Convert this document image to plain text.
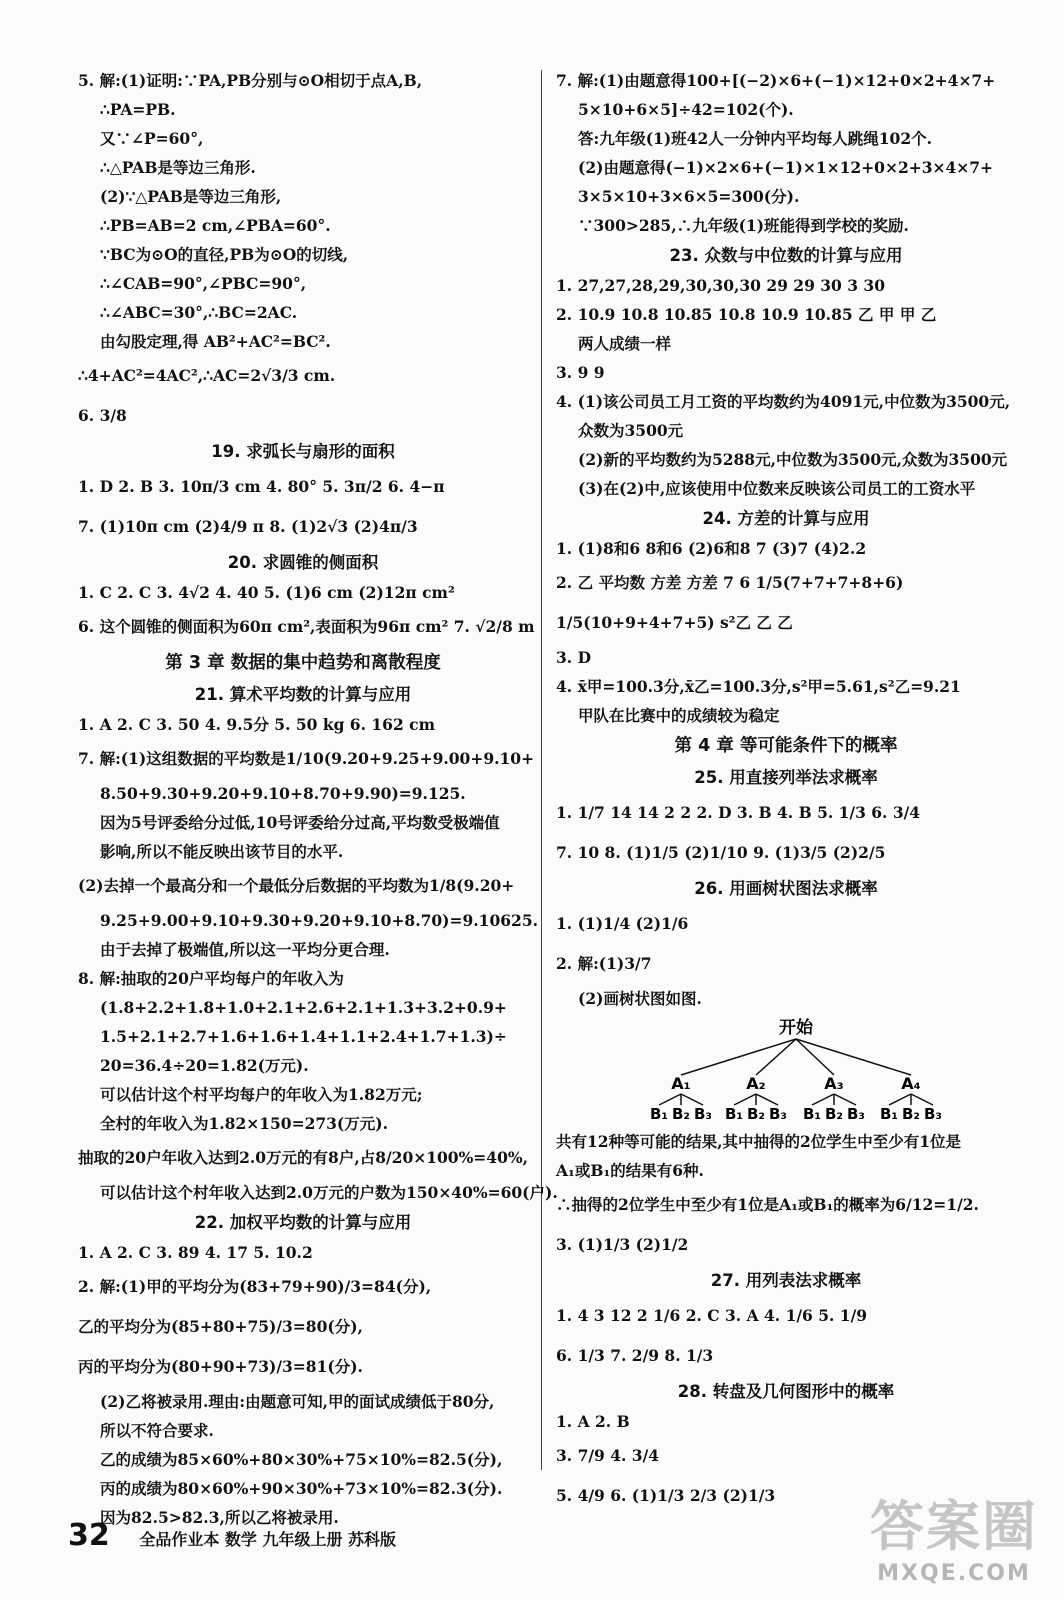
5. 解:(1)证明:∵PA,PB分别与⊙O相切于点A,B,
∴PA=PB.
又∵∠P=60°,
∴△PAB是等边三角形.
(2)∵△PAB是等边三角形,
∴PB=AB=2 cm,∠PBA=60°.
∵BC为⊙O的直径,PB为⊙O的切线,
∴∠CAB=90°,∠PBC=90°,
∴∠ABC=30°,∴BC=2AC.
由勾股定理,得 AB²+AC²=BC².
∴4+AC²=4AC²,∴AC=2√3/3 cm.
6. 3/8
19. 求弧长与扇形的面积
1. D 2. B 3. 10π/3 cm 4. 80° 5. 3π/2 6. 4−π
7. (1)10π cm (2)4/9 π 8. (1)2√3 (2)4π/3
20. 求圆锥的侧面积
1. C 2. C 3. 4√2 4. 40 5. (1)6 cm (2)12π cm²
6. 这个圆锥的侧面积为60π cm²,表面积为96π cm² 7. √2/8 m
第 3 章 数据的集中趋势和离散程度
21. 算术平均数的计算与应用
1. A 2. C 3. 50 4. 9.5分 5. 50 kg 6. 162 cm
7. 解:(1)这组数据的平均数是1/10(9.20+9.25+9.00+9.10+
8.50+9.30+9.20+9.10+8.70+9.90)=9.125.
因为5号评委给分过低,10号评委给分过高,平均数受极端值
影响,所以不能反映出该节目的水平.
(2)去掉一个最高分和一个最低分后数据的平均数为1/8(9.20+
9.25+9.00+9.10+9.30+9.20+9.10+8.70)=9.10625.
由于去掉了极端值,所以这一平均分更合理.
8. 解:抽取的20户平均每户的年收入为
(1.8+2.2+1.8+1.0+2.1+2.6+2.1+1.3+3.2+0.9+
1.5+2.1+2.7+1.6+1.6+1.4+1.1+2.4+1.7+1.3)÷
20=36.4÷20=1.82(万元).
可以估计这个村平均每户的年收入为1.82万元;
全村的年收入为1.82×150=273(万元).
抽取的20户年收入达到2.0万元的有8户,占8/20×100%=40%,
可以估计这个村年收入达到2.0万元的户数为150×40%=60(户).
22. 加权平均数的计算与应用
1. A 2. C 3. 89 4. 17 5. 10.2
2. 解:(1)甲的平均分为(83+79+90)/3=84(分),
乙的平均分为(85+80+75)/3=80(分),
丙的平均分为(80+90+73)/3=81(分).
(2)乙将被录用.理由:由题意可知,甲的面试成绩低于80分,
所以不符合要求.
乙的成绩为85×60%+80×30%+75×10%=82.5(分),
丙的成绩为80×60%+90×30%+73×10%=82.3(分).
因为82.5>82.3,所以乙将被录用.
7. 解:(1)由题意得100+[(−2)×6+(−1)×12+0×2+4×7+
5×10+6×5]÷42=102(个).
答:九年级(1)班42人一分钟内平均每人跳绳102个.
(2)由题意得(−1)×2×6+(−1)×1×12+0×2+3×4×7+
3×5×10+3×6×5=300(分).
∵300>285,∴九年级(1)班能得到学校的奖励.
23. 众数与中位数的计算与应用
1. 27,27,28,29,30,30,30 29 29 30 3 30
2. 10.9 10.8 10.85 10.8 10.9 10.85 乙 甲 甲 乙
两人成绩一样
3. 9 9
4. (1)该公司员工月工资的平均数约为4091元,中位数为3500元,
众数为3500元
(2)新的平均数约为5288元,中位数为3500元,众数为3500元
(3)在(2)中,应该使用中位数来反映该公司员工的工资水平
24. 方差的计算与应用
1. (1)8和6 8和6 (2)6和8 7 (3)7 (4)2.2
2. 乙 平均数 方差 方差 7 6 1/5(7+7+7+8+6)
1/5(10+9+4+7+5) s²乙 乙 乙
3. D
4. x̄甲=100.3分,x̄乙=100.3分,s²甲=5.61,s²乙=9.21
甲队在比赛中的成绩较为稳定
第 4 章 等可能条件下的概率
25. 用直接列举法求概率
1. 1/7 14 14 2 2 2. D 3. B 4. B 5. 1/3 6. 3/4
7. 10 8. (1)1/5 (2)1/10 9. (1)3/5 (2)2/5
26. 用画树状图法求概率
1. (1)1/4 (2)1/6
2. 解:(1)3/7
(2)画树状图如图.
开始
A₁
B₁ B₂ B₃
A₂
B₁ B₂ B₃
A₃
B₁ B₂ B₃
A₄
B₁ B₂ B₃
共有12种等可能的结果,其中抽得的2位学生中至少有1位是
A₁或B₁的结果有6种.
∴抽得的2位学生中至少有1位是A₁或B₁的概率为6/12=1/2.
3. (1)1/3 (2)1/2
27. 用列表法求概率
1. 4 3 12 2 1/6 2. C 3. A 4. 1/6 5. 1/9
6. 1/3 7. 2/9 8. 1/3
28. 转盘及几何图形中的概率
1. A 2. B
3. 7/9 4. 3/4
5. 4/9 6. (1)1/3 2/3 (2)1/3
32 全品作业本 数学 九年级上册 苏科版	答案圈
MXQE.COM
